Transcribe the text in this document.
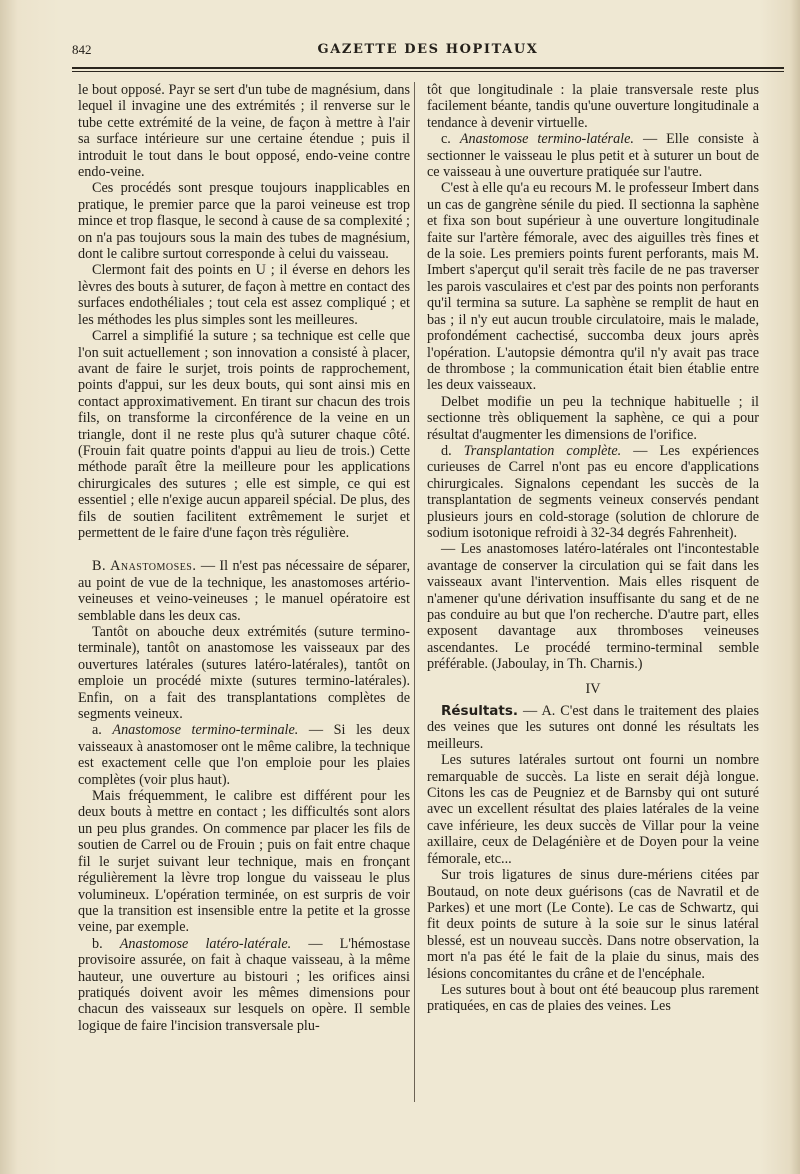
842	GAZETTE DES HOPITAUX

le bout opposé. Payr se sert d'un tube de magnésium, dans lequel il invagine une des extrémités ; il renverse sur le tube cette extrémité de la veine, de façon à mettre à l'air sa surface intérieure sur une certaine étendue ; puis il introduit le tout dans le bout opposé, endo-veine contre endo-veine.

Ces procédés sont presque toujours inapplicables en pratique, le premier parce que la paroi veineuse est trop mince et trop flasque, le second à cause de sa complexité ; on n'a pas toujours sous la main des tubes de magnésium, dont le calibre surtout corresponde à celui du vaisseau.

Clermont fait des points en U ; il éverse en dehors les lèvres des bouts à suturer, de façon à mettre en contact des surfaces endothéliales ; tout cela est assez compliqué ; et les méthodes les plus simples sont les meilleures.

Carrel a simplifié la suture ; sa technique est celle que l'on suit actuellement ; son innovation a consisté à placer, avant de faire le surjet, trois points de rapprochement, points d'appui, sur les deux bouts, qui sont ainsi mis en contact approximativement. En tirant sur chacun des trois fils, on transforme la circonférence de la veine en un triangle, dont il ne reste plus qu'à suturer chaque côté. (Frouin fait quatre points d'appui au lieu de trois.) Cette méthode paraît être la meilleure pour les applications chirurgicales des sutures ; elle est simple, ce qui est essentiel ; elle n'exige aucun appareil spécial. De plus, des fils de soutien facilitent extrêmement le surjet et permettent de le faire d'une façon très régulière.

B. Anastomoses. — Il n'est pas nécessaire de séparer, au point de vue de la technique, les anastomoses artério-veineuses et veino-veineuses ; le manuel opératoire est semblable dans les deux cas.

Tantôt on abouche deux extrémités (suture termino-terminale), tantôt on anastomose les vaisseaux par des ouvertures latérales (sutures latéro-latérales), tantôt on emploie un procédé mixte (sutures termino-latérales). Enfin, on a fait des transplantations complètes de segments veineux.

a. Anastomose termino-terminale. — Si les deux vaisseaux à anastomoser ont le même calibre, la technique est exactement celle que l'on emploie pour les plaies complètes (voir plus haut).

Mais fréquemment, le calibre est différent pour les deux bouts à mettre en contact ; les difficultés sont alors un peu plus grandes. On commence par placer les fils de soutien de Carrel ou de Frouin ; puis on fait entre chaque fil le surjet suivant leur technique, mais en fronçant régulièrement la lèvre trop longue du vaisseau le plus volumineux. L'opération terminée, on est surpris de voir que la transition est insensible entre la petite et la grosse veine, par exemple.

b. Anastomose latéro-latérale. — L'hémostase provisoire assurée, on fait à chaque vaisseau, à la même hauteur, une ouverture au bistouri ; les orifices ainsi pratiqués doivent avoir les mêmes dimensions pour chacun des vaisseaux sur lesquels on opère. Il semble logique de faire l'incision transversale plu-

tôt que longitudinale : la plaie transversale reste plus facilement béante, tandis qu'une ouverture longitudinale a tendance à devenir virtuelle.

c. Anastomose termino-latérale. — Elle consiste à sectionner le vaisseau le plus petit et à suturer un bout de ce vaisseau à une ouverture pratiquée sur l'autre.

C'est à elle qu'a eu recours M. le professeur Imbert dans un cas de gangrène sénile du pied. Il sectionna la saphène et fixa son bout supérieur à une ouverture longitudinale faite sur l'artère fémorale, avec des aiguilles très fines et de la soie. Les premiers points furent perforants, mais M. Imbert s'aperçut qu'il serait très facile de ne pas traverser les parois vasculaires et c'est par des points non perforants qu'il termina sa suture. La saphène se remplit de haut en bas ; il n'y eut aucun trouble circulatoire, mais le malade, profondément cachectisé, succomba deux jours après l'opération. L'autopsie démontra qu'il n'y avait pas trace de thrombose ; la communication était bien établie entre les deux vaisseaux.

Delbet modifie un peu la technique habituelle ; il sectionne très obliquement la saphène, ce qui a pour résultat d'augmenter les dimensions de l'orifice.

d. Transplantation complète. — Les expériences curieuses de Carrel n'ont pas eu encore d'applications chirurgicales. Signalons cependant les succès de la transplantation de segments veineux conservés pendant plusieurs jours en cold-storage (solution de chlorure de sodium isotonique refroidi à 32-34 degrés Fahrenheit).

— Les anastomoses latéro-latérales ont l'incontestable avantage de conserver la circulation qui se fait dans les vaisseaux avant l'intervention. Mais elles risquent de n'amener qu'une dérivation insuffisante du sang et de ne pas conduire au but que l'on recherche. D'autre part, elles exposent davantage aux thromboses veineuses ascendantes. Le procédé termino-terminal semble préférable. (Jaboulay, in Th. Charnis.)

IV

Résultats. — A. C'est dans le traitement des plaies des veines que les sutures ont donné les résultats les meilleurs.

Les sutures latérales surtout ont fourni un nombre remarquable de succès. La liste en serait déjà longue. Citons les cas de Peugniez et de Barnsby qui ont suturé avec un excellent résultat des plaies latérales de la veine cave inférieure, les deux succès de Villar pour la veine axillaire, ceux de Delagénière et de Doyen pour la veine fémorale, etc...

Sur trois ligatures de sinus dure-mériens citées par Boutaud, on note deux guérisons (cas de Navratil et de Parkes) et une mort (Le Conte). Le cas de Schwartz, qui fit deux points de suture à la soie sur le sinus latéral blessé, est un nouveau succès. Dans notre observation, la mort n'a pas été le fait de la plaie du sinus, mais des lésions concomitantes du crâne et de l'encéphale.

Les sutures bout à bout ont été beaucoup plus rarement pratiquées, en cas de plaies des veines. Les
